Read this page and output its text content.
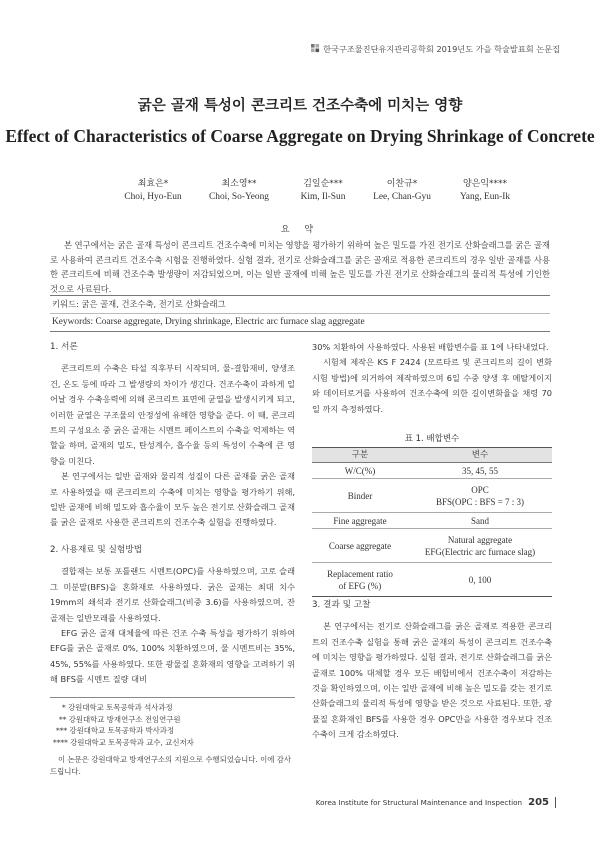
한국구조물진단유지관리공학회 2019년도 가을 학술발표회 논문집
굵은 골재 특성이 콘크리트 건조수축에 미치는 영향
Effect of Characteristics of Coarse Aggregate on Drying Shrinkage of Concrete
최효은*
Choi, Hyo-Eun
최소영**
Choi, So-Yeong
김일순***
Kim, Il-Sun
이찬규*
Lee, Chan-Gyu
양은익****
Yang, Eun-Ik
요 약
본 연구에서는 굵은 골재 특성이 콘크리트 건조수축에 미치는 영향을 평가하기 위하여 높은 밀도를 가진 전기로 산화슬래그를 굵은 골재로 사용하여 콘크리트 건조수축 시험을 진행하였다. 실험 결과, 전기로 산화슬래그를 굵은 골재로 적용한 콘크리트의 경우 일반 골재를 사용한 콘크리트에 비해 건조수축 발생량이 저감되었으며, 이는 일반 골재에 비해 높은 밀도를 가진 전기로 산화슬래그의 물리적 특성에 기인한 것으로 사료된다.
키워드: 굵은 골재, 건조수축, 전기로 산화슬래그
Keywords: Coarse aggregate, Drying shrinkage, Electric arc furnace slag aggregate

1. 서론

콘크리트의 수축은 타설 직후부터 시작되며, 물-결합재비, 양생조건, 온도 등에 따라 그 발생량의 차이가 생긴다. 건조수축이 과하게 일어날 경우 수축응력에 의해 콘크리트 표면에 균열을 발생시키게 되고, 이러한 균열은 구조물의 안정성에 유해한 영향을 준다. 이 때, 콘크리트의 구성요소 중 굵은 골재는 시멘트 페이스트의 수축을 억제하는 역할을 하며, 골재의 밀도, 탄성계수, 흡수율 등의 특성이 수축에 큰 영향을 미친다.

본 연구에서는 일반 골재와 물리적 성질이 다른 골재를 굵은 골재로 사용하였을 때 콘크리트의 수축에 미치는 영향을 평가하기 위해, 일반 골재에 비해 밀도와 흡수율이 모두 높은 전기로 산화슬래그 골재를 굵은 골재로 사용한 콘크리트의 건조수축 실험을 진행하였다.

2. 사용재료 및 실험방법

결합재는 보통 포틀랜드 시멘트(OPC)를 사용하였으며, 고로 슬래그 미분말(BFS)을 혼화재로 사용하였다. 굵은 골재는 최대 치수 19mm의 쇄석과 전기로 산화슬래그(비중 3.6)를 사용하였으며, 잔골재는 일반모래를 사용하였다.

EFG 굵은 골재 대체율에 따른 건조 수축 특성을 평가하기 위하여 EFG를 굵은 골재로 0%, 100% 치환하였으며, 물 시멘트비는 35%, 45%, 55%를 사용하였다. 또한 광물질 혼화재의 영향을 고려하기 위해 BFS를 시멘트 질량 대비

* 강원대학교 토목공학과 석사과정
** 강원대학교 방재연구소 전임연구원
*** 강원대학교 토목공학과 박사과정
**** 강원대학교 토목공학과 교수, 교신저자
이 논문은 강원대학교 방재연구소의 지원으로 수행되었습니다. 이에 감사드립니다.

30% 치환하여 사용하였다. 사용된 배합변수를 표 1에 나타내었다.

시험체 제작은 KS F 2424 (모르타르 및 콘크리트의 길이 변화 시험 방법)에 의거하여 제작하였으며 6일 수중 양생 후 메탈게이지와 데이터로거를 사용하여 건조수축에 의한 길이변화율을 채령 70일 까지 측정하였다.

표 1. 배합변수
구분	변수
W/C(%)	35, 45, 55
Binder	OPC
BFS(OPC : BFS = 7 : 3)
Fine aggregate	Sand
Coarse aggregate	Natural aggregate
EFG(Electric arc furnace slag)
Replacement ratio
of EFG (%)	0, 100

3. 결과 및 고찰

본 연구에서는 전기로 산화슬래그를 굵은 골재로 적용한 콘크리트의 건조수축 실험을 통해 굵은 골재의 특성이 콘크리트 건조수축에 미치는 영향을 평가하였다. 실험 결과, 전기로 산화슬래그를 굵은 골재로 100% 대체할 경우 모든 배합비에서 건조수축이 저감하는 것을 확인하였으며, 이는 일반 골재에 비해 높은 밀도를 갖는 전기로 산화슬래그의 물리적 특성에 영향을 받은 것으로 사료된다. 또한, 광물질 혼화재인 BFS를 사용한 경우 OPC만을 사용한 경우보다 건조수축이 크게 감소하였다.

Korea Institute for Structural Maintenance and Inspection 205
